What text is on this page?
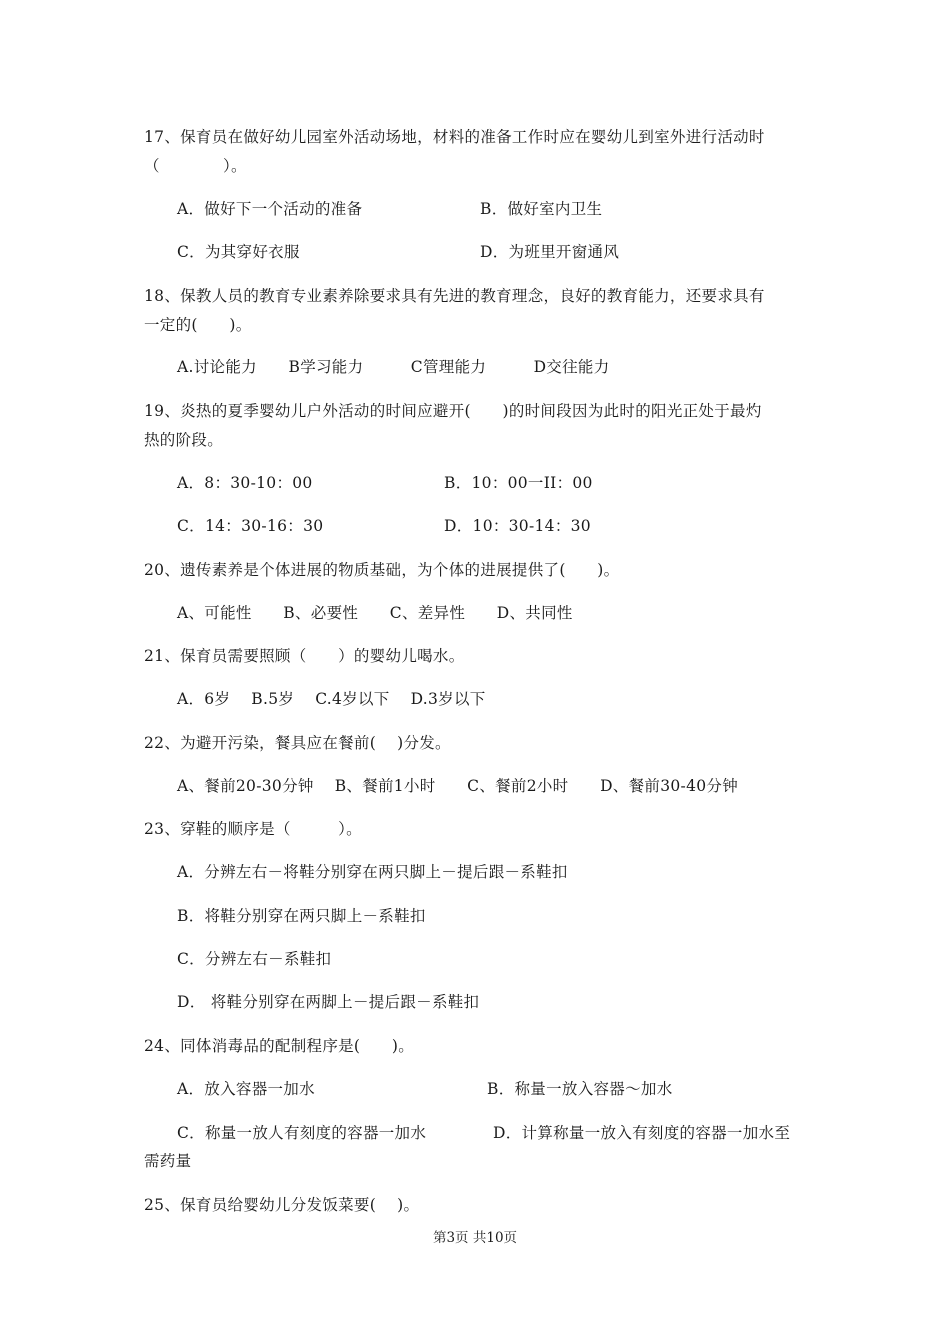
17、保育员在做好幼儿园室外活动场地，材料的准备工作时应在婴幼儿到室外进行活动时
（　　　　）。
A．做好下一个活动的准备	B．做好室内卫生
C．为其穿好衣服	D．为班里开窗通风
18、保教人员的教育专业素养除要求具有先进的教育理念，良好的教育能力，还要求具有
一定的(　　)。
A.讨论能力　　B学习能力　　　C管理能力　　　D交往能力
19、炎热的夏季婴幼儿户外活动的时间应避开(　　)的时间段因为此时的阳光正处于最灼
热的阶段。
A．8：30-10：00	B．10：00一II：00
C．14：30-16：30	D．10：30-14：30
20、遗传素养是个体进展的物质基础，为个体的进展提供了(　　)。
A、可能性　　B、必要性　　C、差异性　　D、共同性
21、保育员需要照顾（　　）的婴幼儿喝水。
A．6岁　 B.5岁　 C.4岁以下　 D.3岁以下
22、为避开污染，餐具应在餐前(　 )分发。
A、餐前20-30分钟　 B、餐前1小时　　C、餐前2小时　　D、餐前30-40分钟
23、穿鞋的顺序是（　　　）。
A．分辨左右－将鞋分别穿在两只脚上－提后跟－系鞋扣
B．将鞋分别穿在两只脚上－系鞋扣
C．分辨左右－系鞋扣
D． 将鞋分别穿在两脚上－提后跟－系鞋扣
24、同体消毒品的配制程序是(　　)。
A．放入容器一加水	B．称量一放入容器～加水
C．称量一放人有刻度的容器一加水	D．计算称量一放入有刻度的容器一加水至
需药量
25、保育员给婴幼儿分发饭菜要(　 )。
第3页 共10页
